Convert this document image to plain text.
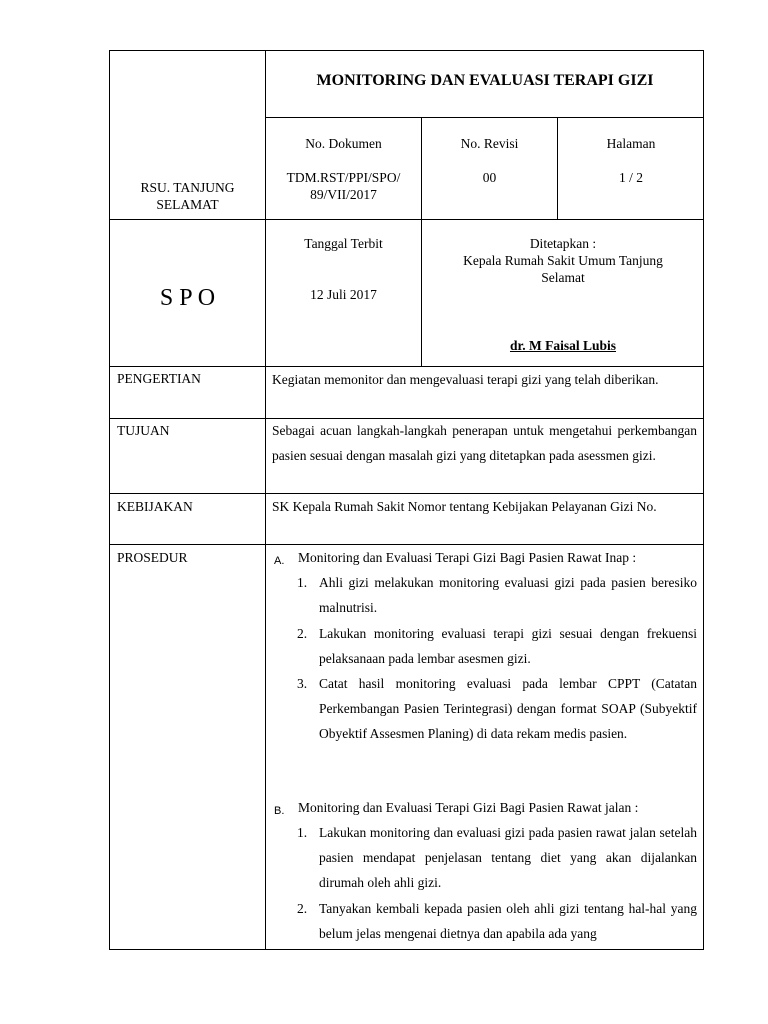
MONITORING DAN EVALUASI TERAPI GIZI
RSU. TANJUNG
SELAMAT
No. Dokumen
TDM.RST/PPI/SPO/
89/VII/2017
No. Revisi
00
Halaman
1 / 2
S P O
Tanggal Terbit
12 Juli 2017
Ditetapkan :
Kepala Rumah Sakit Umum Tanjung
Selamat
dr. M Faisal Lubis
PENGERTIAN
TUJUAN
KEBIJAKAN
PROSEDUR
Kegiatan memonitor dan mengevaluasi terapi gizi yang telah diberikan.
Sebagai acuan langkah-langkah penerapan untuk mengetahui perkembangan pasien sesuai dengan masalah gizi yang ditetapkan pada asessmen gizi.
SK Kepala Rumah Sakit Nomor tentang Kebijakan Pelayanan Gizi No.
A. Monitoring dan Evaluasi Terapi Gizi Bagi Pasien Rawat Inap :
1. Ahli gizi melakukan monitoring evaluasi gizi pada pasien beresiko malnutrisi.
2. Lakukan monitoring evaluasi terapi gizi sesuai dengan frekuensi pelaksanaan pada lembar asesmen gizi.
3. Catat hasil monitoring evaluasi pada lembar CPPT (Catatan Perkembangan Pasien Terintegrasi) dengan format SOAP (Subyektif Obyektif Assesmen Planing) di data rekam medis pasien.
B. Monitoring dan Evaluasi Terapi Gizi Bagi Pasien Rawat jalan :
1. Lakukan monitoring dan evaluasi gizi pada pasien rawat jalan setelah pasien mendapat penjelasan tentang diet yang akan dijalankan dirumah oleh ahli gizi.
2. Tanyakan kembali kepada pasien oleh ahli gizi tentang hal-hal yang belum jelas mengenai dietnya dan apabila ada yang
